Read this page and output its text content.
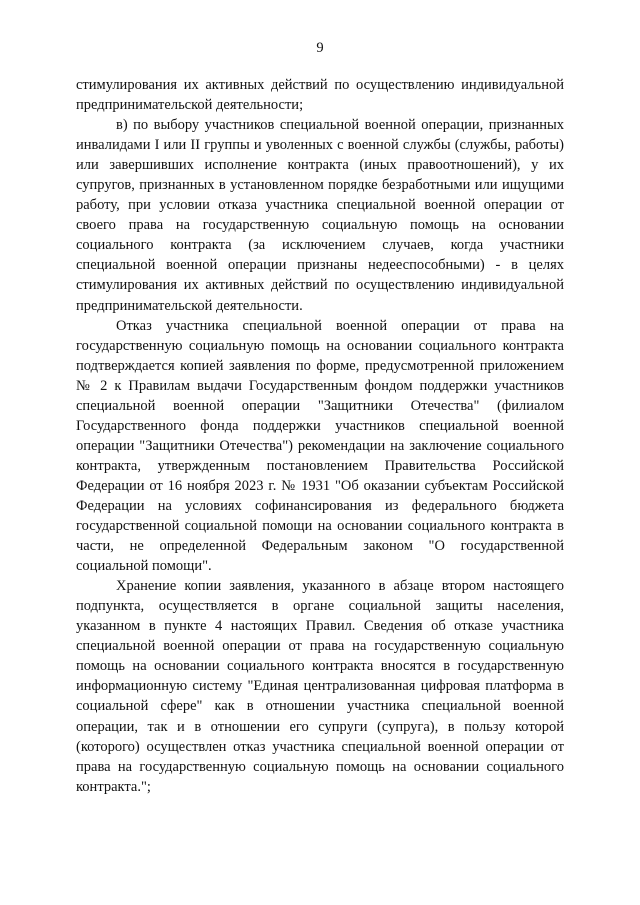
9

стимулирования их активных действий по осуществлению индивидуальной предпринимательской деятельности;

в) по выбору участников специальной военной операции, признанных инвалидами I или II группы и уволенных с военной службы (службы, работы) или завершивших исполнение контракта (иных правоотношений), у их супругов, признанных в установленном порядке безработными или ищущими работу, при условии отказа участника специальной военной операции от своего права на государственную социальную помощь на основании социального контракта (за исключением случаев, когда участники специальной военной операции признаны недееспособными) - в целях стимулирования их активных действий по осуществлению индивидуальной предпринимательской деятельности.

Отказ участника специальной военной операции от права на государственную социальную помощь на основании социального контракта подтверждается копией заявления по форме, предусмотренной приложением № 2 к Правилам выдачи Государственным фондом поддержки участников специальной военной операции "Защитники Отечества" (филиалом Государственного фонда поддержки участников специальной военной операции "Защитники Отечества") рекомендации на заключение социального контракта, утвержденным постановлением Правительства Российской Федерации от 16 ноября 2023 г. № 1931 "Об оказании субъектам Российской Федерации на условиях софинансирования из федерального бюджета государственной социальной помощи на основании социального контракта в части, не определенной Федеральным законом "О государственной социальной помощи".

Хранение копии заявления, указанного в абзаце втором настоящего подпункта, осуществляется в органе социальной защиты населения, указанном в пункте 4 настоящих Правил. Сведения об отказе участника специальной военной операции от права на государственную социальную помощь на основании социального контракта вносятся в государственную информационную систему "Единая централизованная цифровая платформа в социальной сфере" как в отношении участника специальной военной операции, так и в отношении его супруги (супруга), в пользу которой (которого) осуществлен отказ участника специальной военной операции от права на государственную социальную помощь на основании социального контракта.";
